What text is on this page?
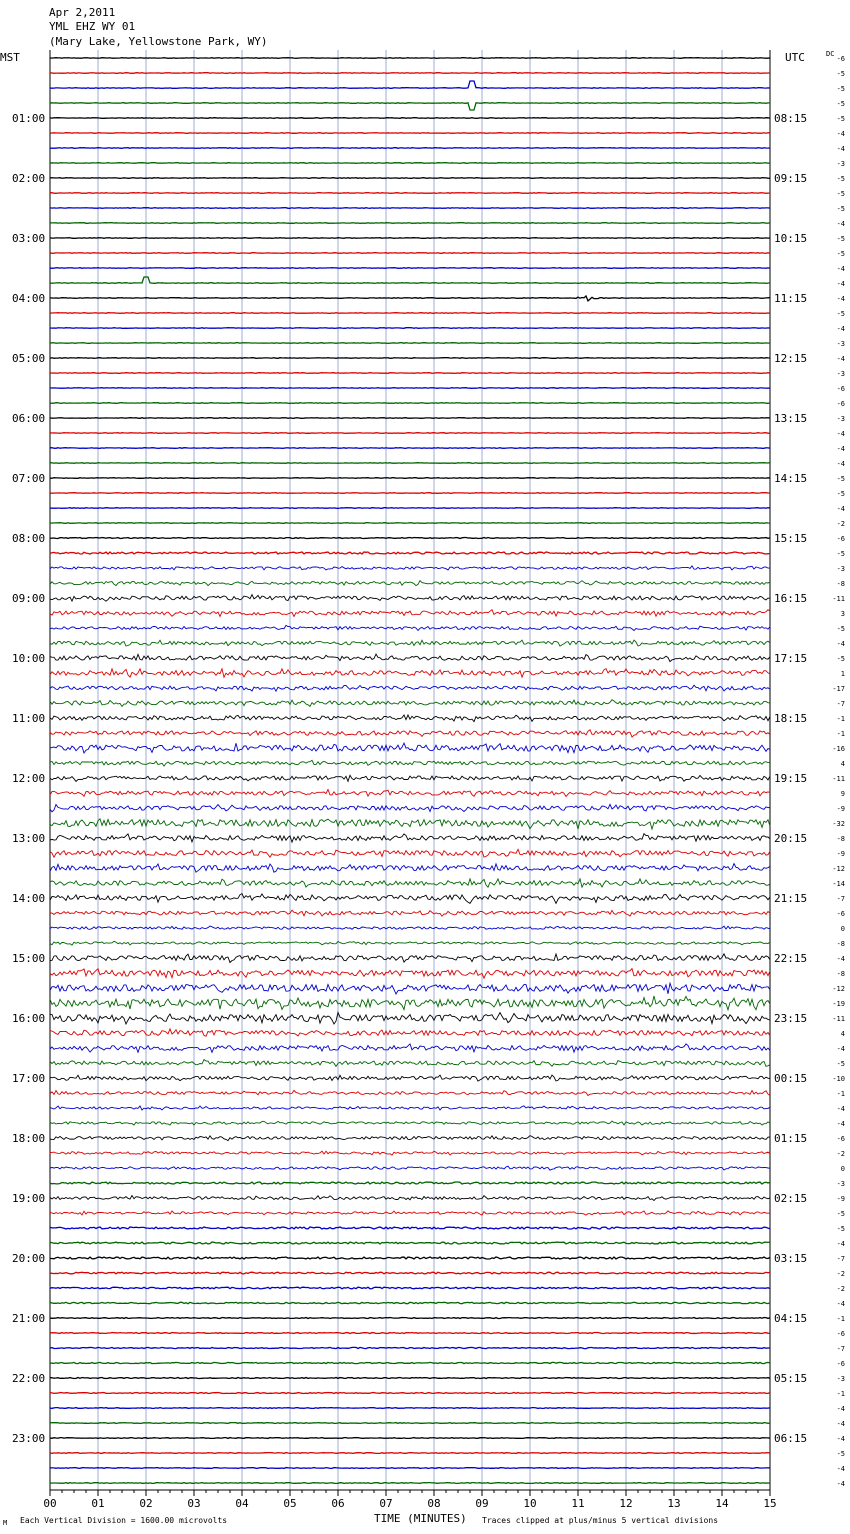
Apr 2,2011
YML EHZ WY 01
(Mary Lake, Yellowstone Park, WY)
MST	UTC	DC
01:00
02:00
03:00
04:00
05:00
06:00
07:00
08:00
09:00
10:00
11:00
12:00
13:00
14:00
15:00
16:00
17:00
18:00
19:00
20:00
21:00
22:00
23:00
08:15
09:15
10:15
11:15
12:15
13:15
14:15
15:15
16:15
17:15
18:15
19:15
20:15
21:15
22:15
23:15
00:15
01:15
02:15
03:15
04:15
05:15
06:15
-6
-5
-5
-5
-5
-4
-4
-3
-5
-5
-5
-4
-5
-5
-4
-4
-4
-5
-4
-3
-4
-3
-6
-6
-3
-4
-4
-4
-5
-5
-4
-2
-6
-5
-3
-8
-11
3
-5
-4
-5
1
-17
-7
-1
-1
-16
4
-11
9
-9
-32
-8
-9
-12
-14
-7
-6
0
-8
-4
-8
-12
-19
-11
4
-4
-5
-10
-1
-4
-4
-6
-2
0
-3
-9
-5
-5
-4
-7
-2
-2
-4
-1
-6
-7
-6
-3
-1
-4
-4
-4
-5
-4
-4
00	01	02	03	04	05	06	07	08	09	10	11	12	13	14	15
M Each Vertical Division = 1600.00 microvolts	TIME (MINUTES) Traces clipped at plus/minus 5 vertical divisions
